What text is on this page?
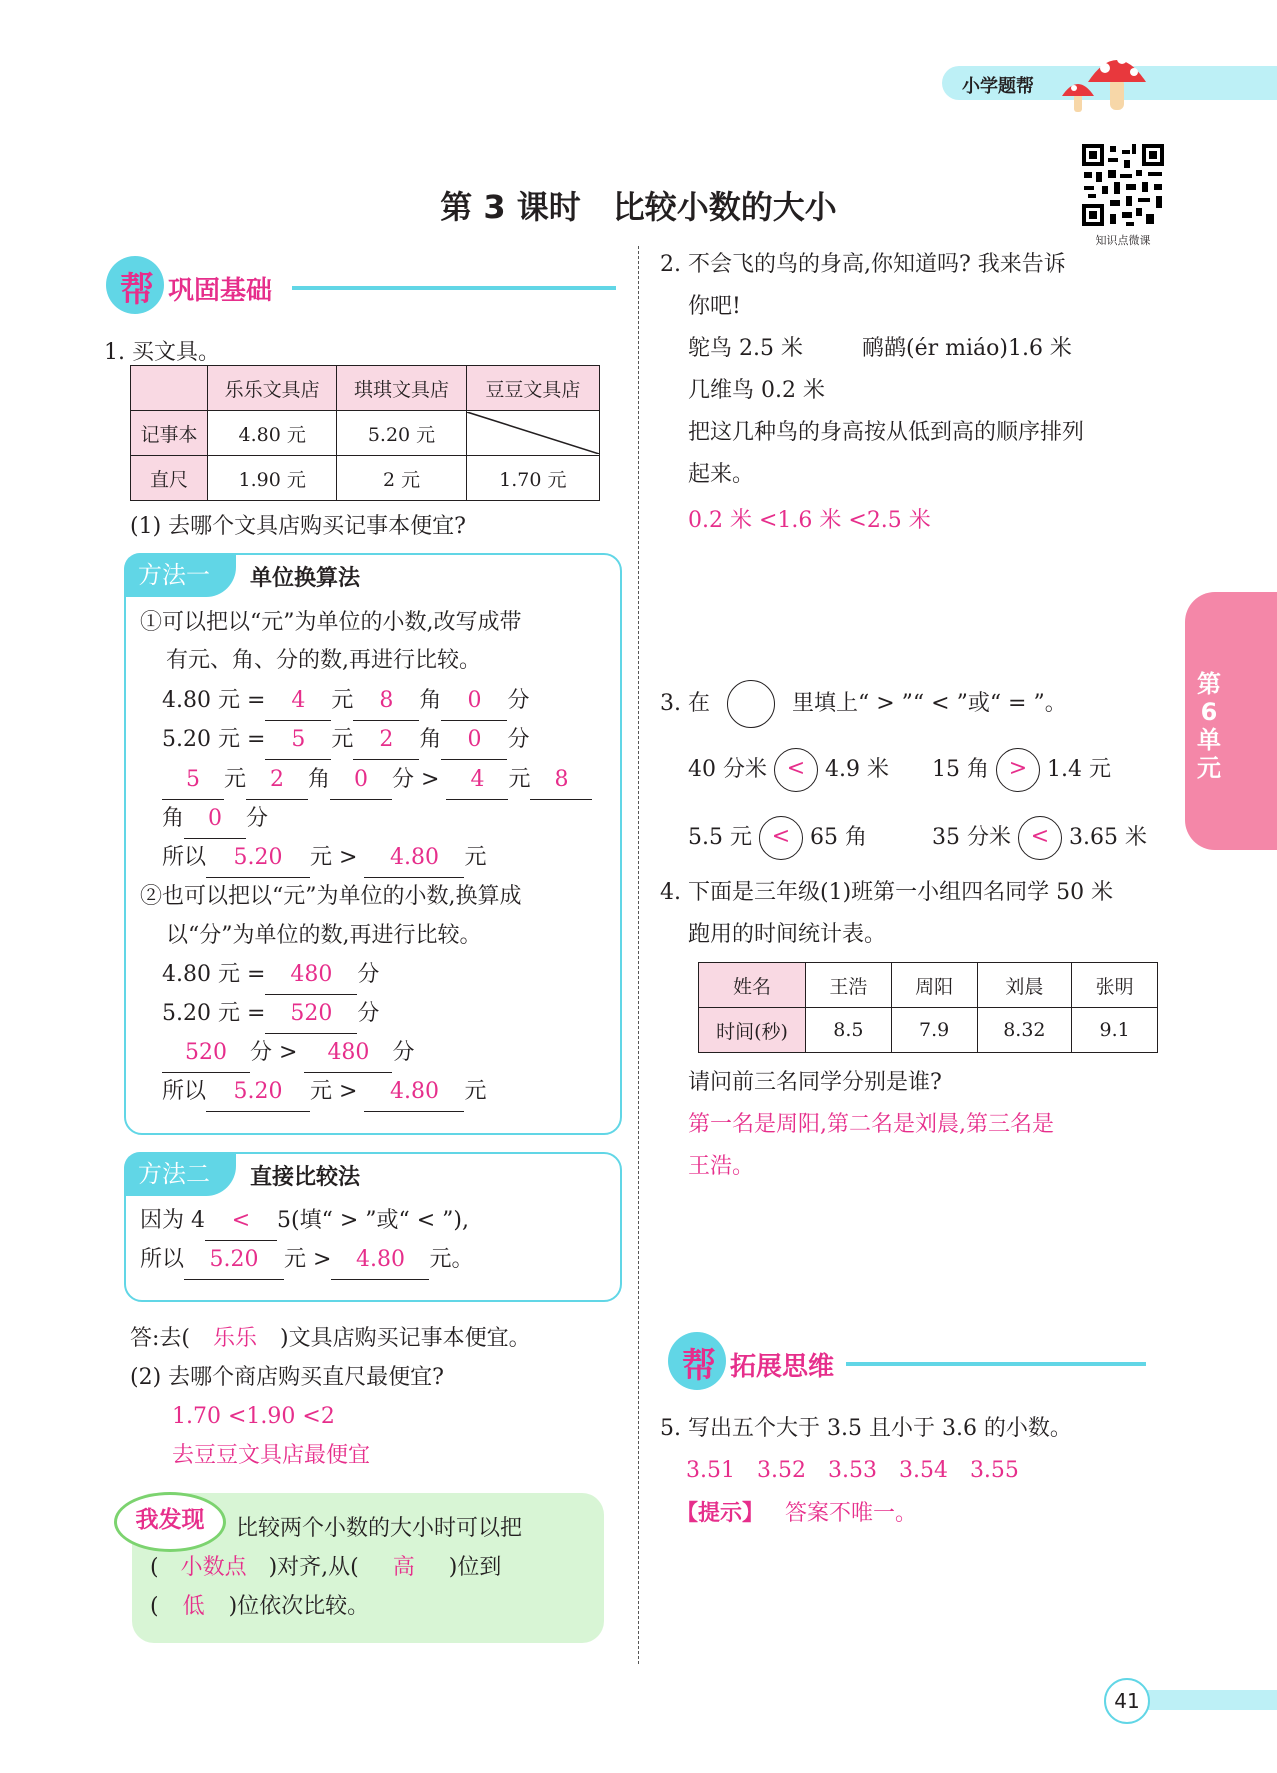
小学题帮
知识点微课
第 3 课时　比较小数的大小
帮 巩固基础
1. 买文具。
	乐乐文具店	琪琪文具店	豆豆文具店
记事本	4.80 元	5.20 元	

直尺	1.90 元	2 元	1.70 元
(1) 去哪个文具店购买记事本便宜?
方法一	单位换算法
①可以把以“元”为单位的小数,改写成带
有元、角、分的数,再进行比较。
4.80 元 = 4 元 8 角 0 分
5.20 元 = 5 元 2 角 0 分
5 元 2 角 0 分 > 4 元 8
角 0 分
所以 5.20 元 > 4.80 元
②也可以把以“元”为单位的小数,换算成
以“分”为单位的数,再进行比较。
4.80 元 = 480 分
5.20 元 = 520 分
520 分 > 480 分
所以 5.20 元 > 4.80 元
方法二	直接比较法
因为 4 < 5(填“ > ”或“ < ”),
所以 5.20 元 > 4.80 元。
答:去( 乐乐 )文具店购买记事本便宜。
(2) 去哪个商店购买直尺最便宜?
1.70 <1.90 <2
去豆豆文具店最便宜
我发现	比较两个小数的大小时可以把
( 小数点 )对齐,从( 高 )位到
( 低 )位依次比较。
2. 不会飞的鸟的身高,你知道吗? 我来告诉
你吧!
鸵鸟 2.5 米	鸸鹋(ér miáo)1.6 米
几维鸟 0.2 米
把这几种鸟的身高按从低到高的顺序排列
起来。
0.2 米 <1.6 米 <2.5 米
3. 在	里填上“ > ”“ < ”或“ = ”。
40 分米 < 4.9 米 15 角 > 1.4 元
5.5 元 < 65 角	35 分米 < 3.65 米
4. 下面是三年级(1)班第一小组四名同学 50 米
跑用的时间统计表。
姓名	王浩	周阳	刘晨	张明
时间(秒)	8.5	7.9	8.32	9.1
请问前三名同学分别是谁?
第一名是周阳,第二名是刘晨,第三名是
王浩。
帮 拓展思维
5. 写出五个大于 3.5 且小于 3.6 的小数。
3.51　3.52　3.53　3.54　3.55
【提示】 答案不唯一。
第6单元
41
